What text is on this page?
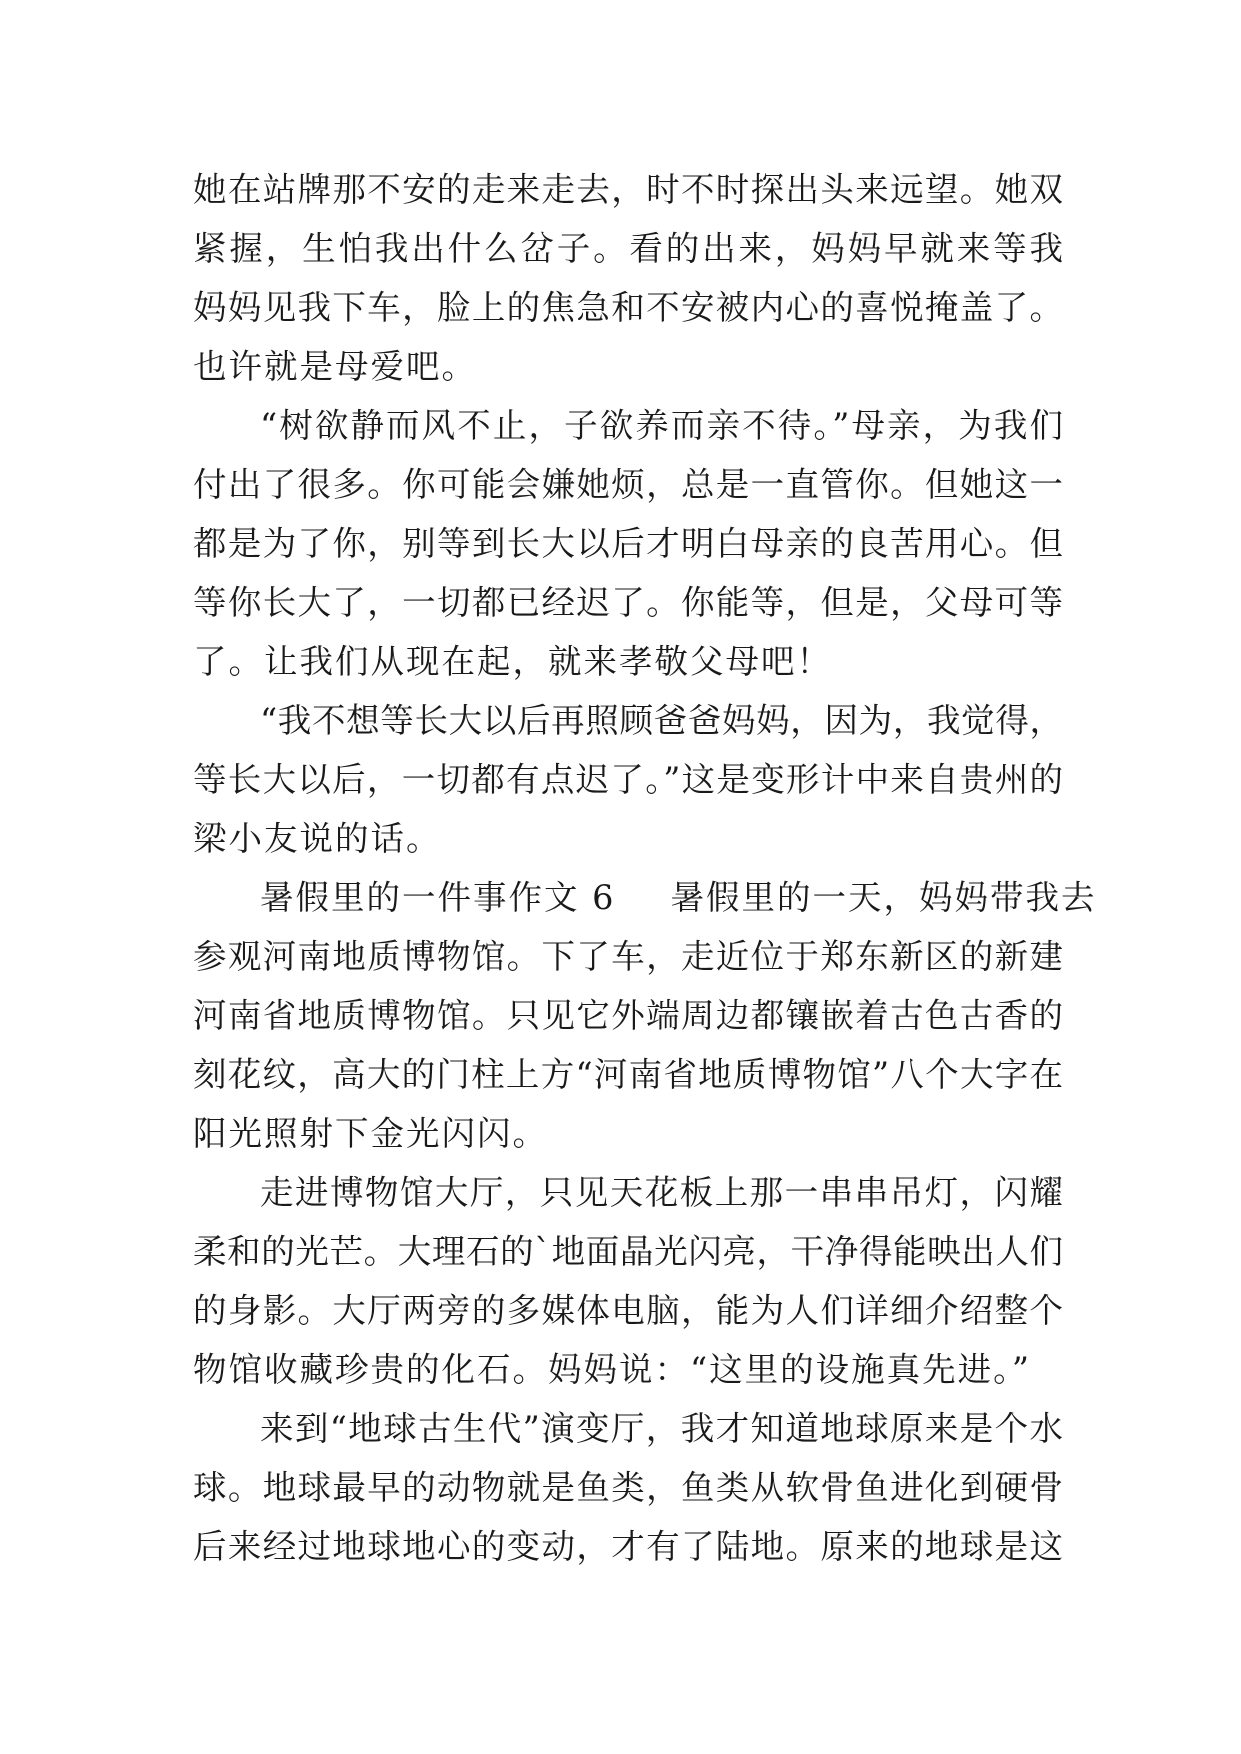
她在站牌那不安的走来走去，时不时探出头来远望。她双
紧握，生怕我出什么岔子。看的出来，妈妈早就来等我
妈妈见我下车，脸上的焦急和不安被内心的喜悦掩盖了。
也许就是母爱吧。
“树欲静而风不止，子欲养而亲不待。”母亲，为我们
付出了很多。你可能会嫌她烦，总是一直管你。但她这一
都是为了你，别等到长大以后才明白母亲的良苦用心。但
等你长大了，一切都已经迟了。你能等，但是，父母可等
了。让我们从现在起，就来孝敬父母吧！
“我不想等长大以后再照顾爸爸妈妈，因为，我觉得，
等长大以后，一切都有点迟了。”这是变形计中来自贵州的
梁小友说的话。
暑假里的一件事作文 6 暑假里的一天，妈妈带我去
参观河南地质博物馆。下了车，走近位于郑东新区的新建
河南省地质博物馆。只见它外端周边都镶嵌着古色古香的
刻花纹，高大的门柱上方“河南省地质博物馆”八个大字在
阳光照射下金光闪闪。
走进博物馆大厅，只见天花板上那一串串吊灯，闪耀
柔和的光芒。大理石的`地面晶光闪亮，干净得能映出人们
的身影。大厅两旁的多媒体电脑，能为人们详细介绍整个
物馆收藏珍贵的化石。妈妈说：“这里的设施真先进。”
来到“地球古生代”演变厅，我才知道地球原来是个水
球。地球最早的动物就是鱼类，鱼类从软骨鱼进化到硬骨
后来经过地球地心的变动，才有了陆地。原来的地球是这
